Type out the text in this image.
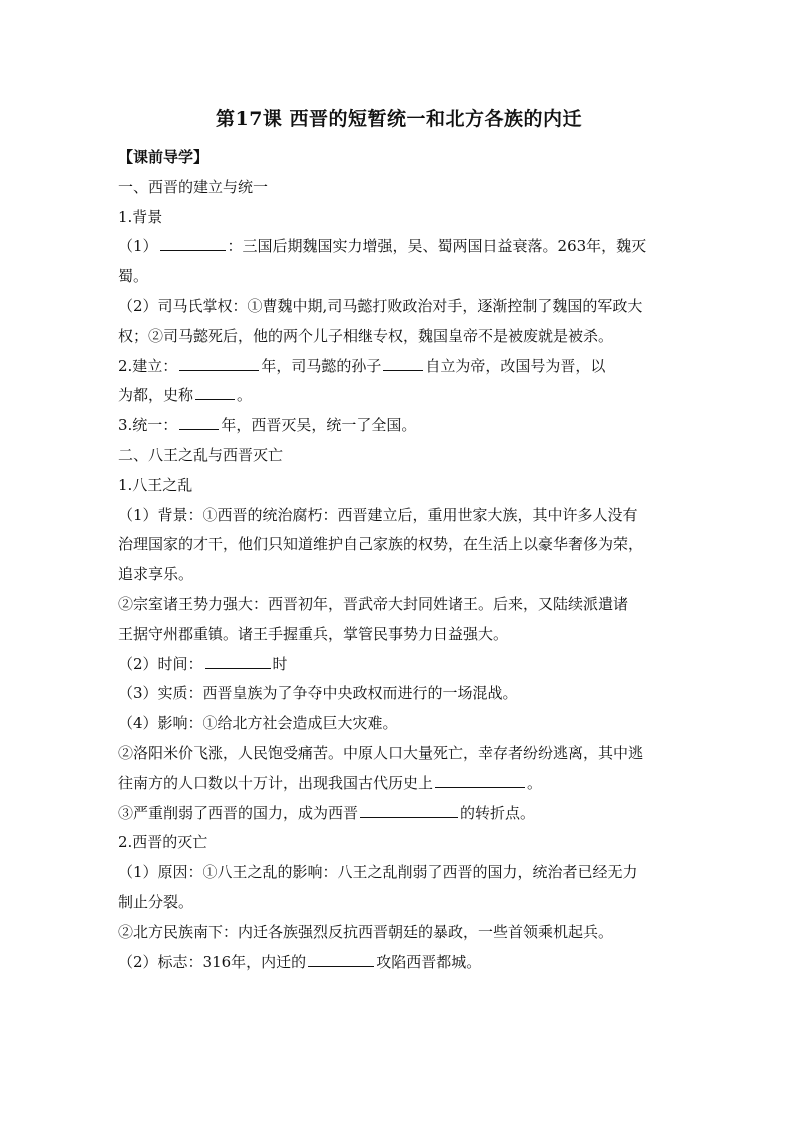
第17课 西晋的短暂统一和北方各族的内迁
【课前导学】
一、西晋的建立与统一
1.背景
（1）	：三国后期魏国实力增强，吴、蜀两国日益衰落。263年，魏灭
蜀。
（2）司马氏掌权：①曹魏中期,司马懿打败政治对手，逐渐控制了魏国的军政大
权；②司马懿死后，他的两个儿子相继专权，魏国皇帝不是被废就是被杀。
2.建立：	年，司马懿的孙子	自立为帝，改国号为晋，以
为都，史称	。
3.统一：	年，西晋灭吴，统一了全国。
二、八王之乱与西晋灭亡
1.八王之乱
（1）背景：①西晋的统治腐朽：西晋建立后，重用世家大族，其中许多人没有
治理国家的才干，他们只知道维护自己家族的权势，在生活上以豪华奢侈为荣，
追求享乐。
②宗室诸王势力强大：西晋初年，晋武帝大封同姓诸王。后来，又陆续派遣诸
王据守州郡重镇。诸王手握重兵，掌管民事势力日益强大。
（2）时间：	时
（3）实质：西晋皇族为了争夺中央政权而进行的一场混战。
（4）影响：①给北方社会造成巨大灾难。
②洛阳米价飞涨，人民饱受痛苦。中原人口大量死亡，幸存者纷纷逃离，其中逃
往南方的人口数以十万计，出现我国古代历史上	。
③严重削弱了西晋的国力，成为西晋	的转折点。
2.西晋的灭亡
（1）原因：①八王之乱的影响：八王之乱削弱了西晋的国力，统治者已经无力
制止分裂。
②北方民族南下：内迁各族强烈反抗西晋朝廷的暴政，一些首领乘机起兵。
（2）标志：316年，内迁的	攻陷西晋都城。
